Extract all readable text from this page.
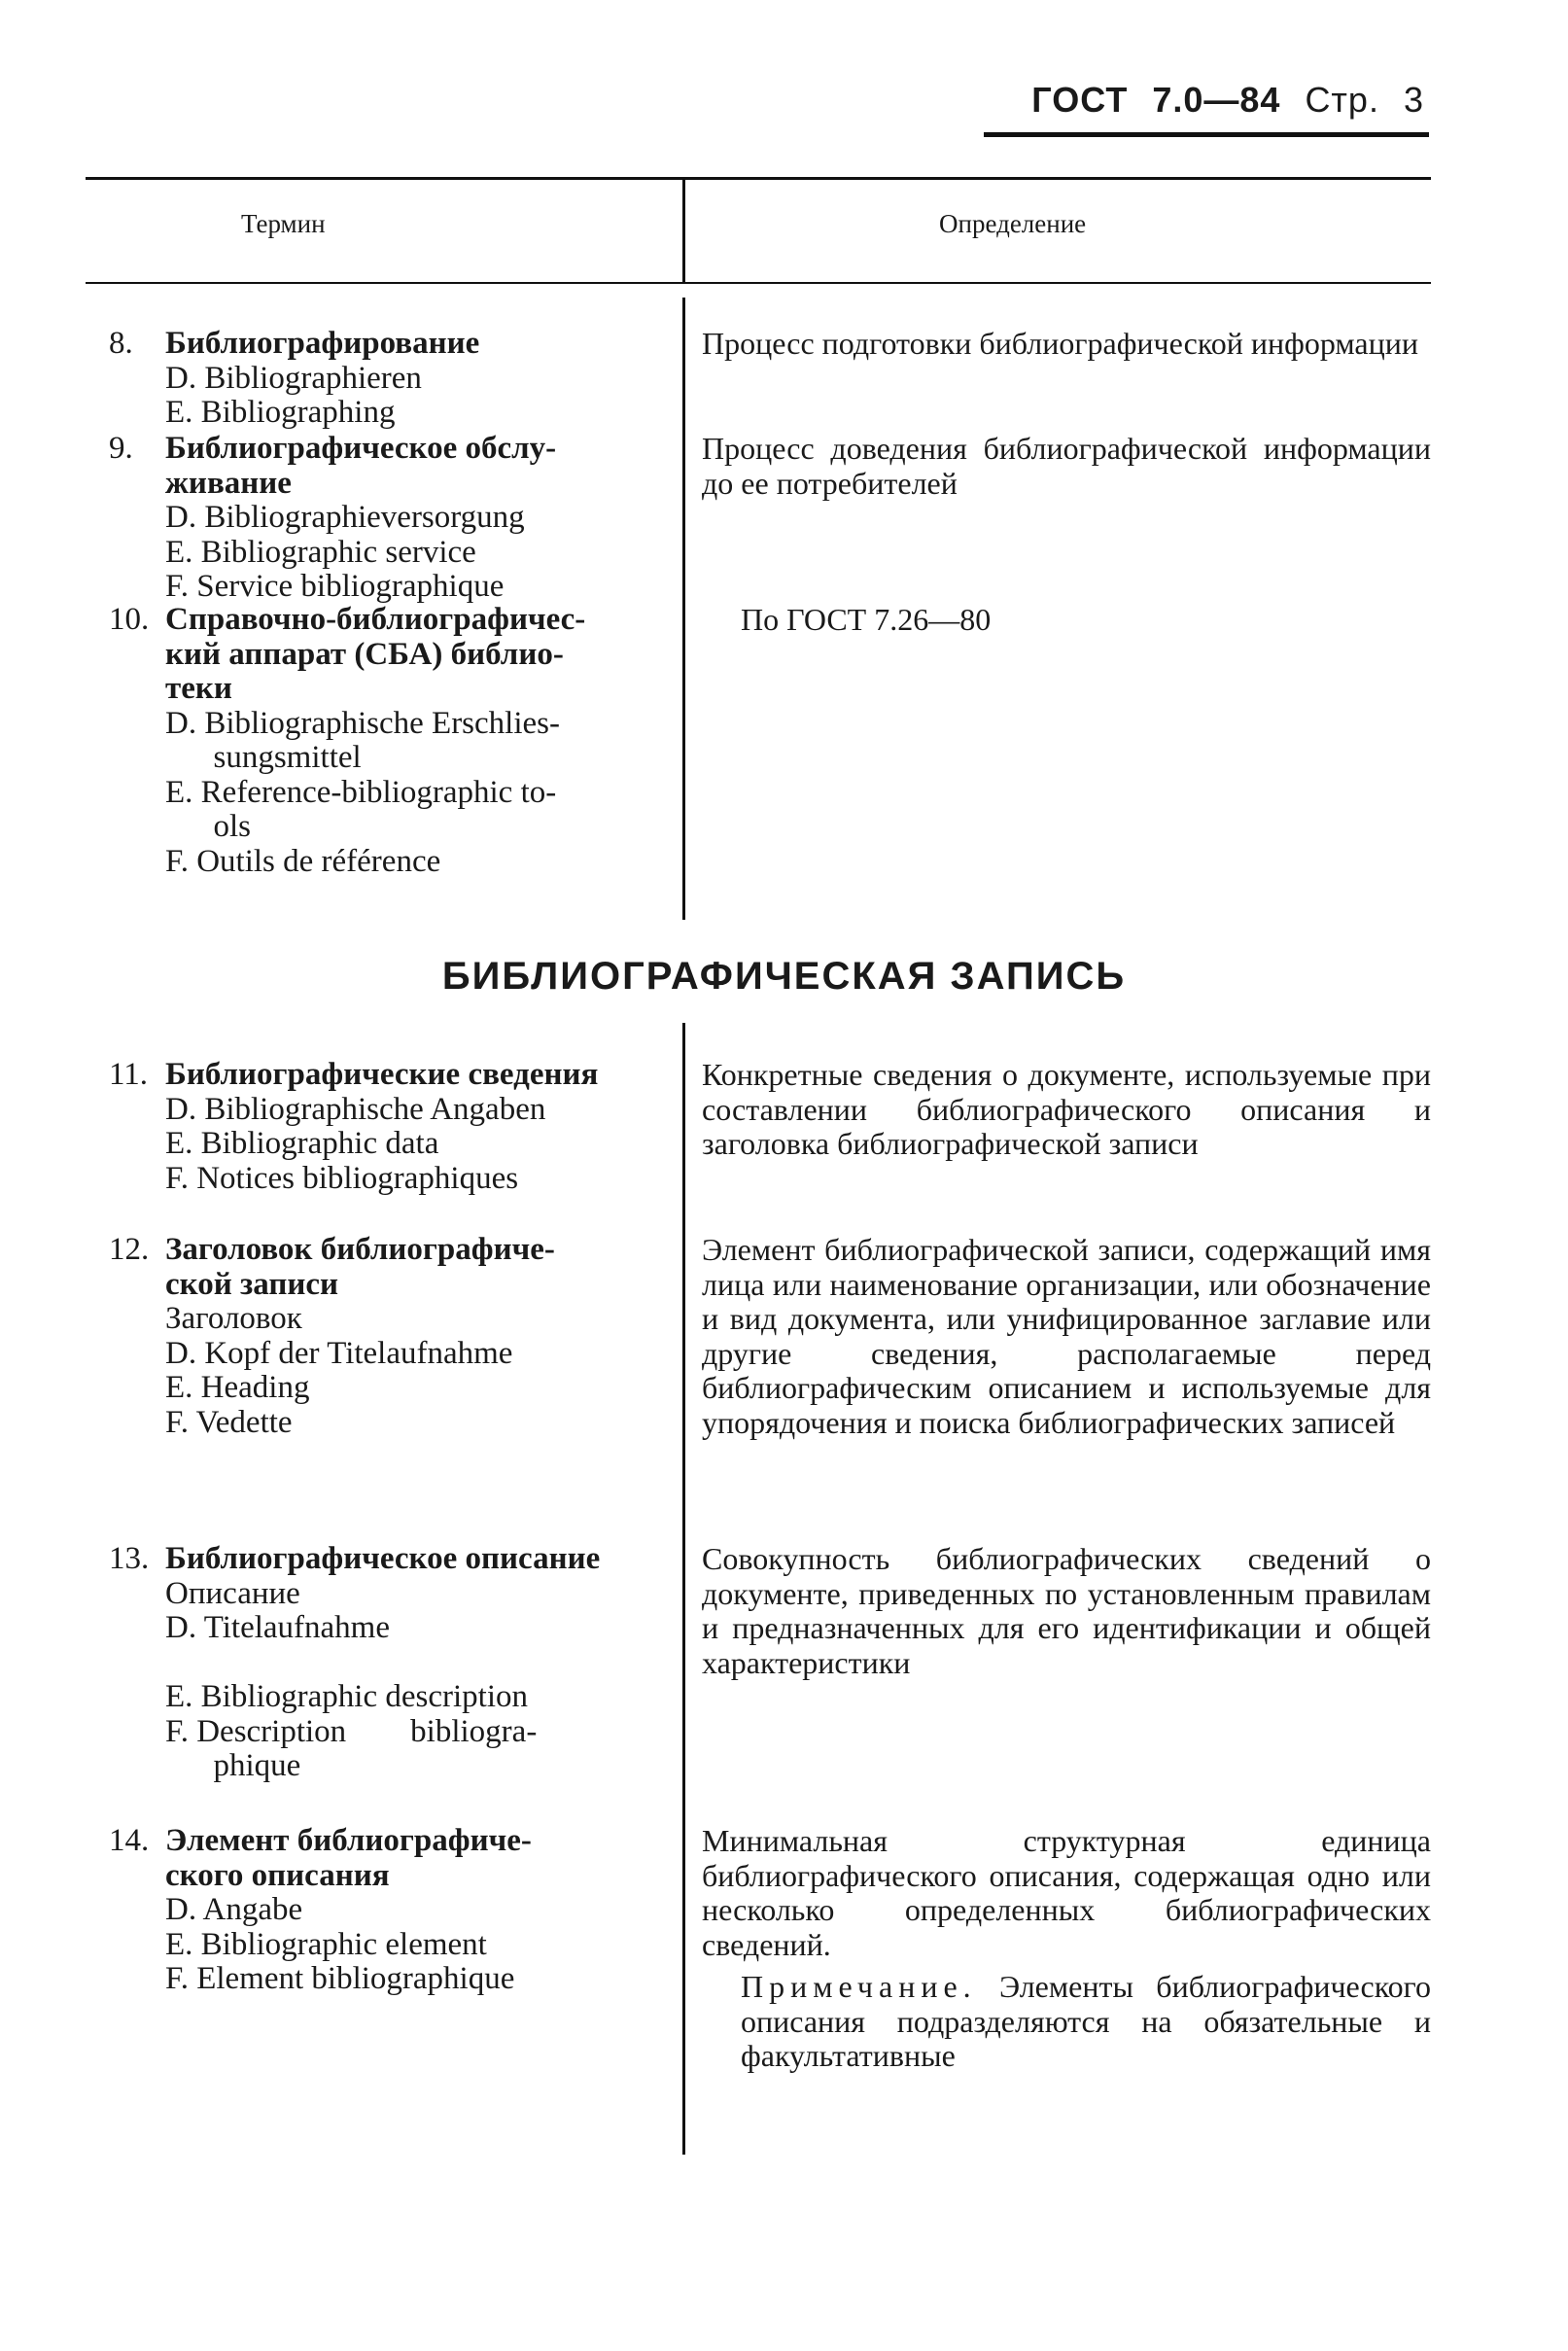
ГОСТ 7.0—84 Стр. 3
Термин	Определение
БИБЛИОГРАФИЧЕСКАЯ ЗАПИСЬ
8. Библиографирование
D. Bibliographieren
E. Bibliographing
Процесс подготовки библиографической информации
9. Библиографическое обслу-
живание
D. Bibliographieversorgung
E. Bibliographic service
F. Service bibliographique
Процесс доведения библиографической информации до ее потребителей
10. Справочно-библиографичес-
кий аппарат (СБА) библио-
теки
D. Bibliographische Erschlies-
sungsmittel
E. Reference-bibliographic to-
ols
F. Outils de référence
По ГОСТ 7.26—80
11. Библиографические сведения
D. Bibliographische Angaben
E. Bibliographic data
F. Notices bibliographiques
Конкретные сведения о документе, используемые при составлении библиографического описания и заголовка библиографической записи
12. Заголовок библиографиче-
ской записи
Заголовок
D. Kopf der Titelaufnahme
E. Heading
F. Vedette
Элемент библиографической записи, содержащий имя лица или наименование организации, или обозначение и вид документа, или унифицированное заглавие или другие сведения, располагаемые перед библиографическим описанием и используемые для упорядочения и поиска библиографических записей
13. Библиографическое описание
Описание
D. Titelaufnahme
E. Bibliographic description
F. Description        bibliogra-
phique
Совокупность библиографических сведений о документе, приведенных по установленным правилам и предназначенных для его идентификации и общей характеристики
14. Элемент библиографиче-
ского описания
D. Angabe
E. Bibliographic element
F. Element bibliographique
Минимальная структурная единица библиографического описания, содержащая одно или несколько определенных библиографических сведений.
Примечание. Элементы библиографического описания подразделяются на обязательные и факультативные
